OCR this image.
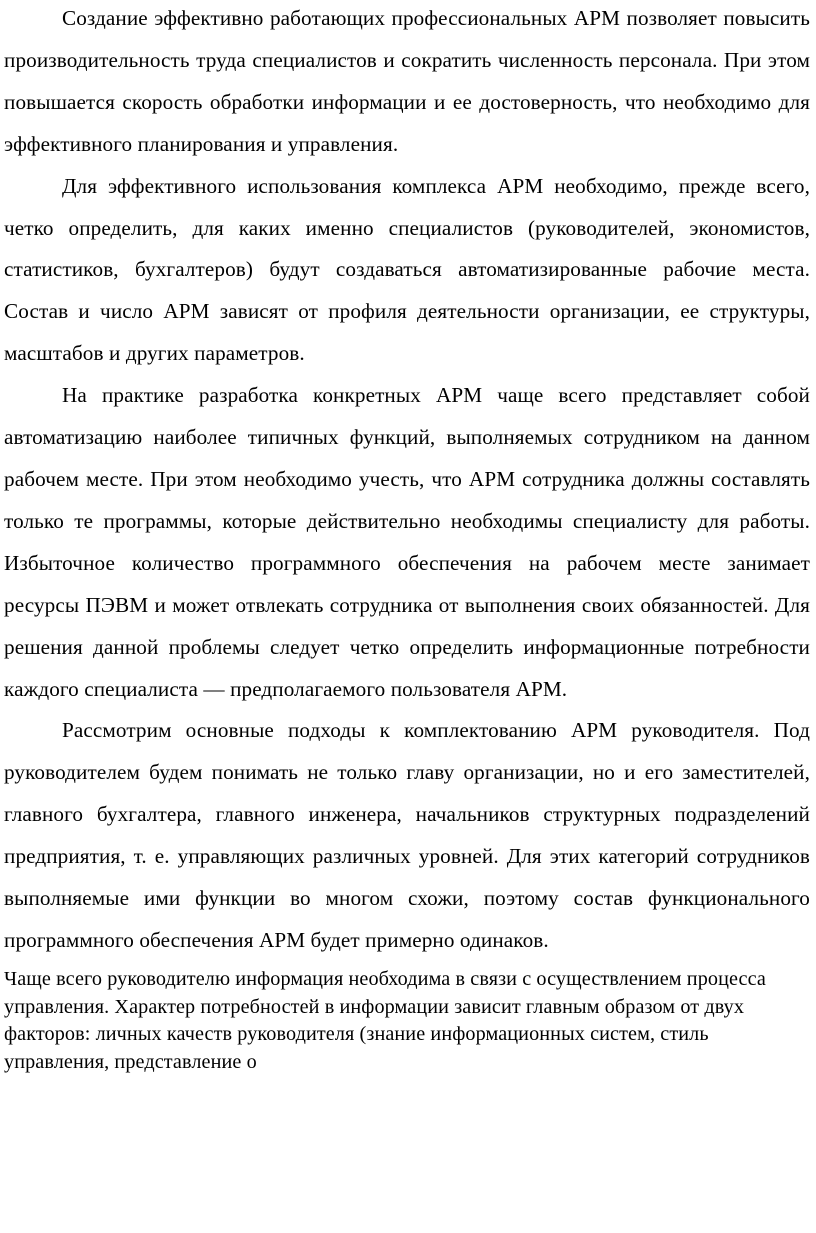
Создание эффективно работающих профессиональных АРМ позволяет повысить производительность труда специалистов и сократить численность персонала. При этом повышается скорость обработки информации и ее достоверность, что необходимо для эффективного планирования и управления.

Для эффективного использования комплекса АРМ необходимо, прежде всего, четко определить, для каких именно специалистов (руководителей, экономистов, статистиков, бухгалтеров) будут создаваться автоматизированные рабочие места. Состав и число АРМ зависят от профиля деятельности организации, ее структуры, масштабов и других параметров.

На практике разработка конкретных АРМ чаще всего представляет собой автоматизацию наиболее типичных функций, выполняемых сотрудником на данном рабочем месте. При этом необходимо учесть, что АРМ сотрудника должны составлять только те программы, которые действительно необходимы специалисту для работы. Избыточное количество программного обеспечения на рабочем месте занимает ресурсы ПЭВМ и может отвлекать сотрудника от выполнения своих обязанностей. Для решения данной проблемы следует четко определить информационные потребности каждого специалиста — предполагаемого пользователя АРМ.

Рассмотрим основные подходы к комплектованию АРМ руководителя. Под руководителем будем понимать не только главу организации, но и его заместителей, главного бухгалтера, главного инженера, начальников структурных подразделений предприятия, т. е. управляющих различных уровней. Для этих категорий сотрудников выполняемые ими функции во многом схожи, поэтому состав функционального программного обеспечения АРМ будет примерно одинаков.

Чаще всего руководителю информация необходима в связи с осуществлением процесса управления. Характер потребностей в информации зависит главным образом от двух факторов: личных качеств руководителя (знание информационных систем, стиль управления, представление о
